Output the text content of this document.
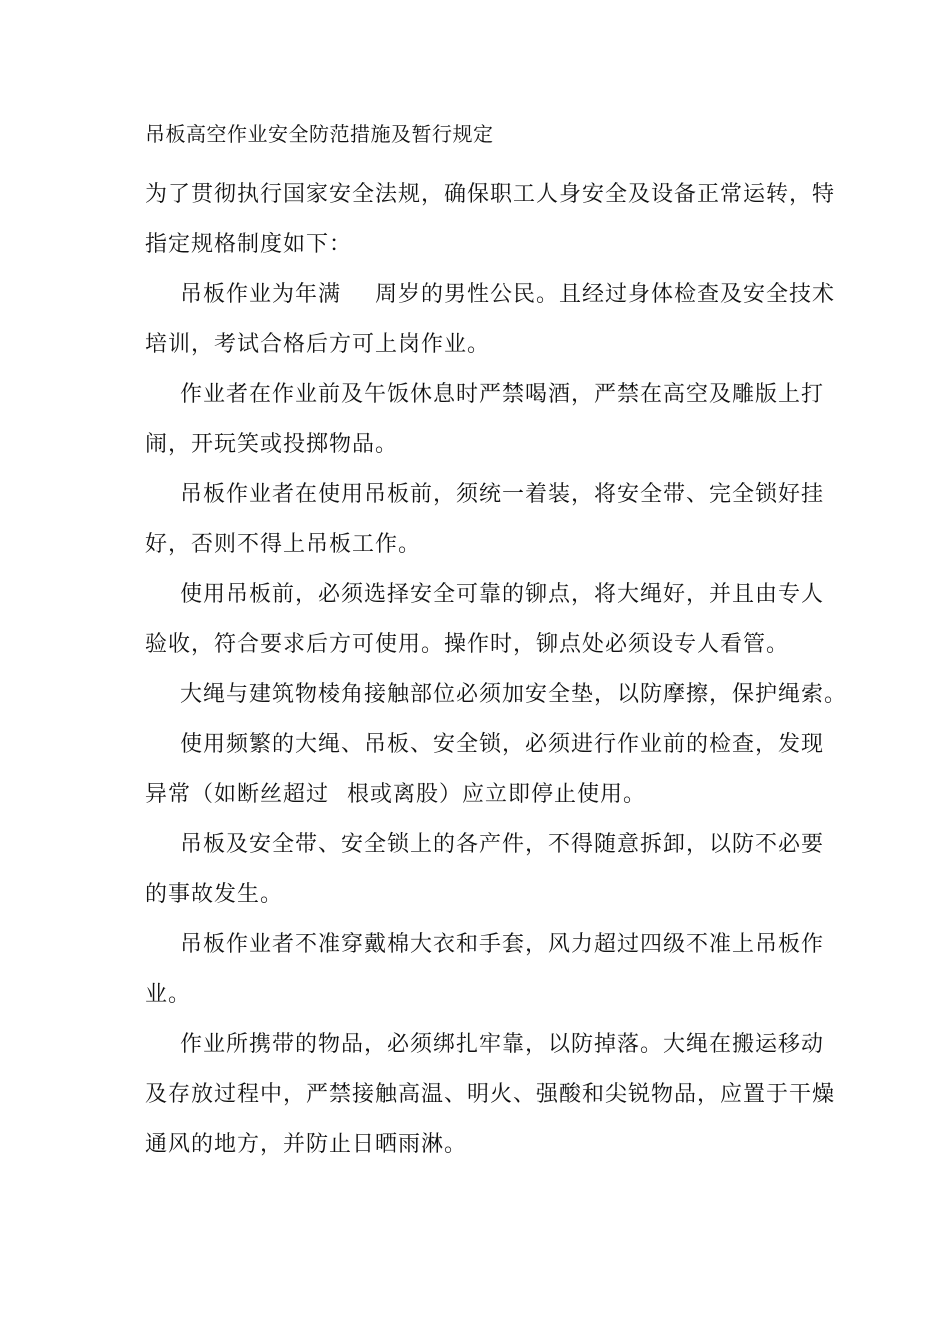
吊板高空作业安全防范措施及暂行规定

为了贯彻执行国家安全法规，确保职工人身安全及设备正常运转，特
指定规格制度如下：

吊板作业为年满 周岁的男性公民。且经过身体检查及安全技术
培训，考试合格后方可上岗作业。

作业者在作业前及午饭休息时严禁喝酒，严禁在高空及雕版上打
闹，开玩笑或投掷物品。

吊板作业者在使用吊板前，须统一着装，将安全带、完全锁好挂
好，否则不得上吊板工作。

使用吊板前，必须选择安全可靠的铆点，将大绳好，并且由专人
验收，符合要求后方可使用。操作时，铆点处必须设专人看管。

大绳与建筑物棱角接触部位必须加安全垫，以防摩擦，保护绳索。

使用频繁的大绳、吊板、安全锁，必须进行作业前的检查，发现
异常（如断丝超过 根或离股）应立即停止使用。

吊板及安全带、安全锁上的各产件，不得随意拆卸，以防不必要
的事故发生。

吊板作业者不准穿戴棉大衣和手套，风力超过四级不准上吊板作
业。

作业所携带的物品，必须绑扎牢靠，以防掉落。大绳在搬运移动
及存放过程中，严禁接触高温、明火、强酸和尖锐物品，应置于干燥
通风的地方，并防止日晒雨淋。
